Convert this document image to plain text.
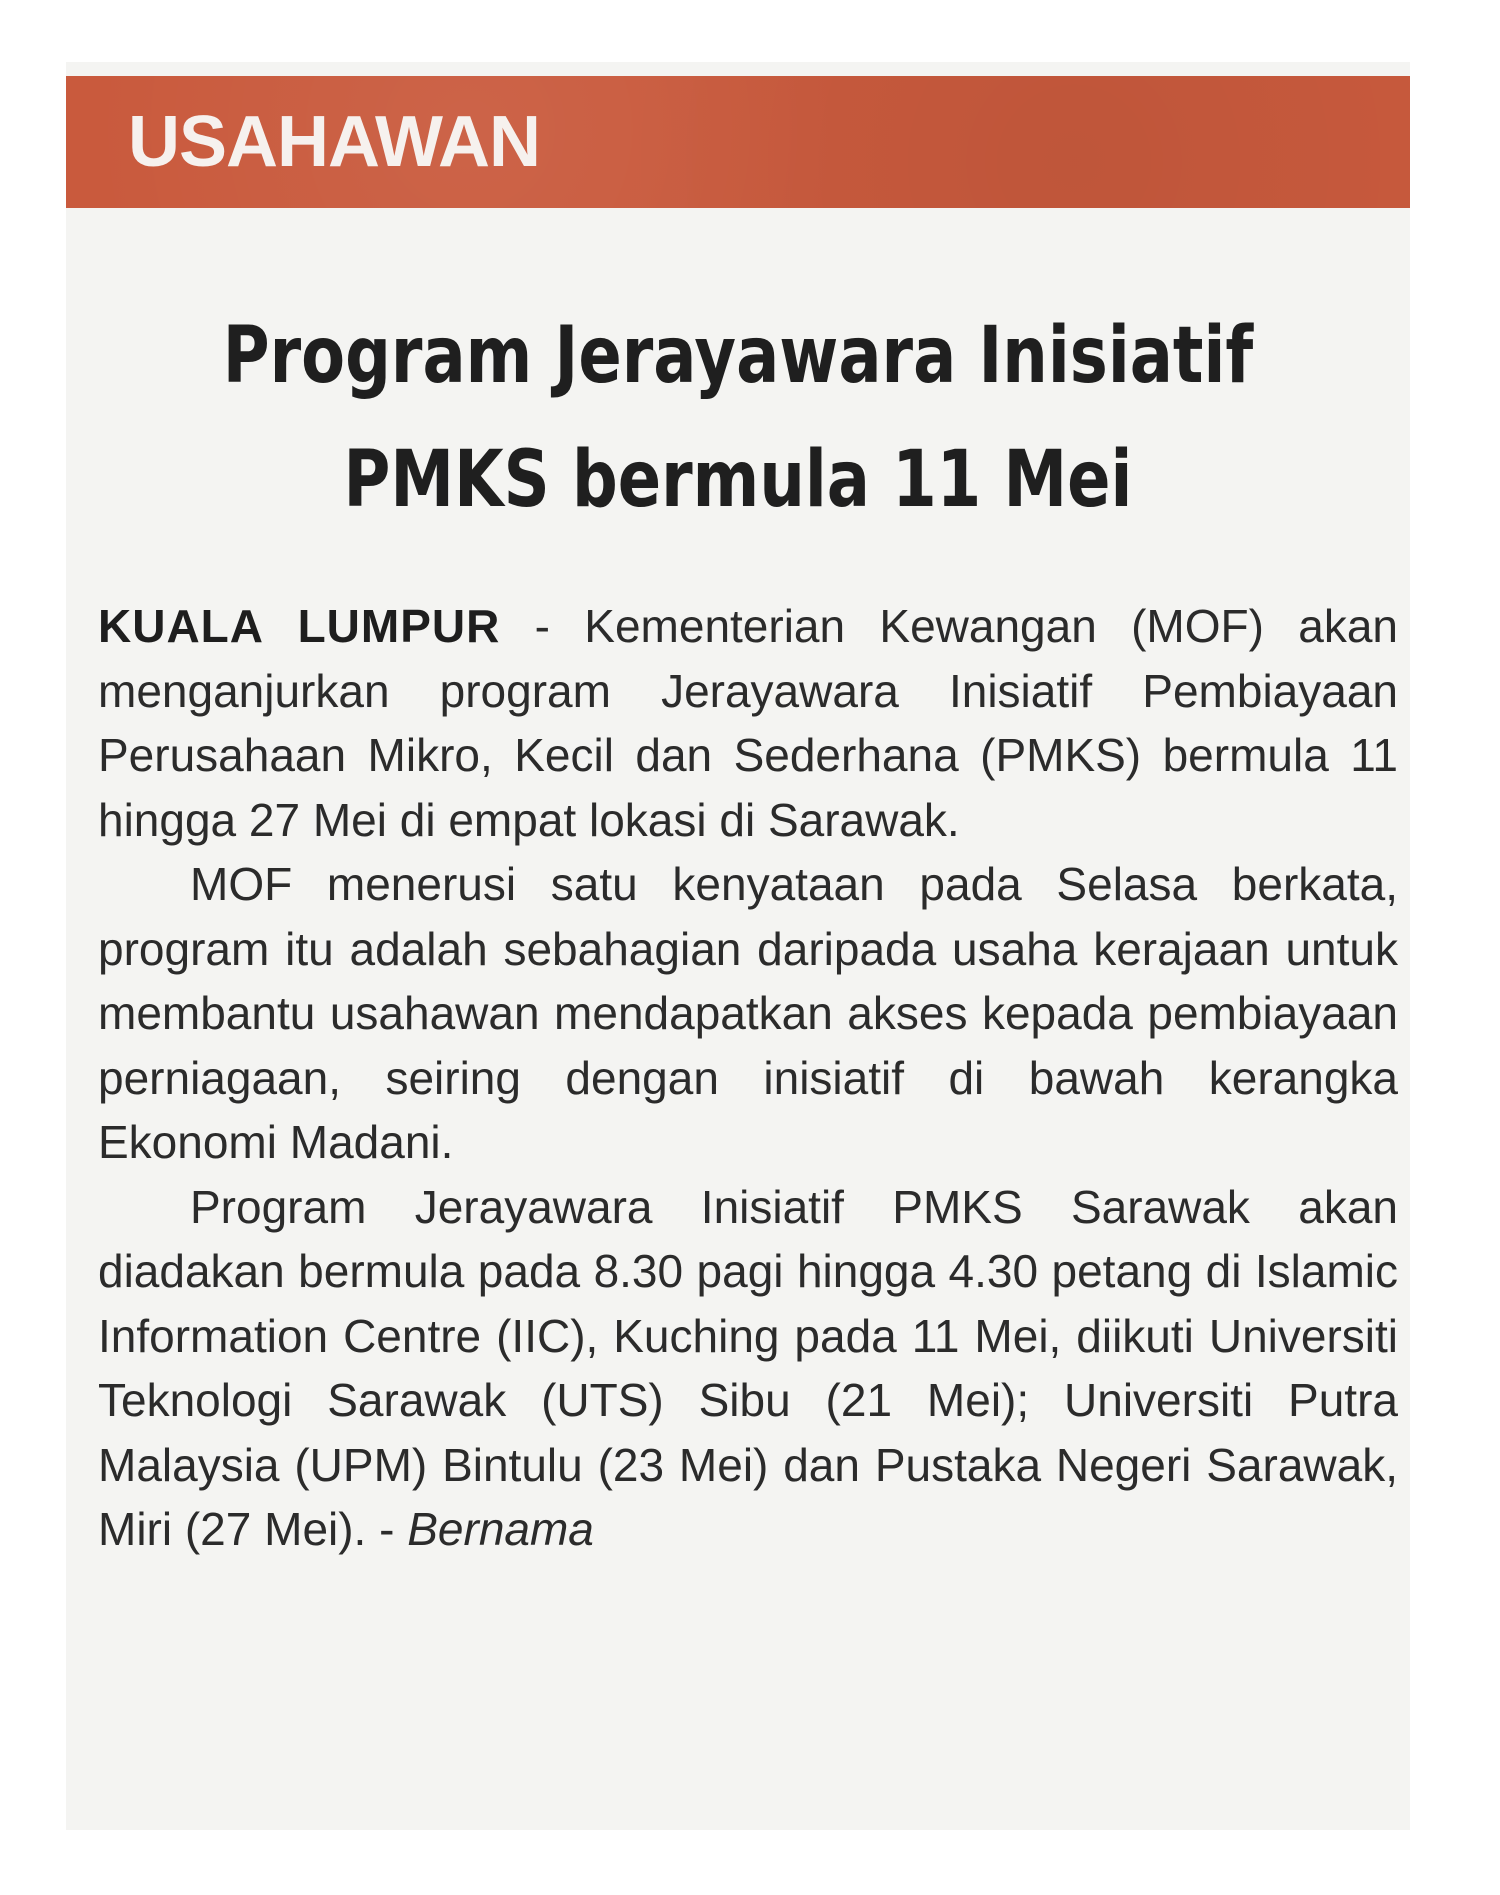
USAHAWAN
Program Jerayawara Inisiatif
PMKS bermula 11 Mei

KUALA LUMPUR - Kementerian Kewangan (MOF) akan menganjurkan program Jerayawara Inisiatif Pembiayaan Perusahaan Mikro, Kecil dan Sederhana (PMKS) bermula 11 hingga 27 Mei di empat lokasi di Sarawak.

MOF menerusi satu kenyataan pada Selasa berkata, program itu adalah sebahagian daripada usaha kerajaan untuk membantu usahawan mendapatkan akses kepada pembiayaan perniagaan, seiring dengan inisiatif di bawah kerangka Ekonomi Madani.

Program Jerayawara Inisiatif PMKS Sarawak akan diadakan bermula pada 8.30 pagi hingga 4.30 petang di Islamic Information Centre (IIC), Kuching pada 11 Mei, diikuti Universiti Teknologi Sarawak (UTS) Sibu (21 Mei); Universiti Putra Malaysia (UPM) Bintulu (23 Mei) dan Pustaka Negeri Sarawak, Miri (27 Mei). - Bernama
